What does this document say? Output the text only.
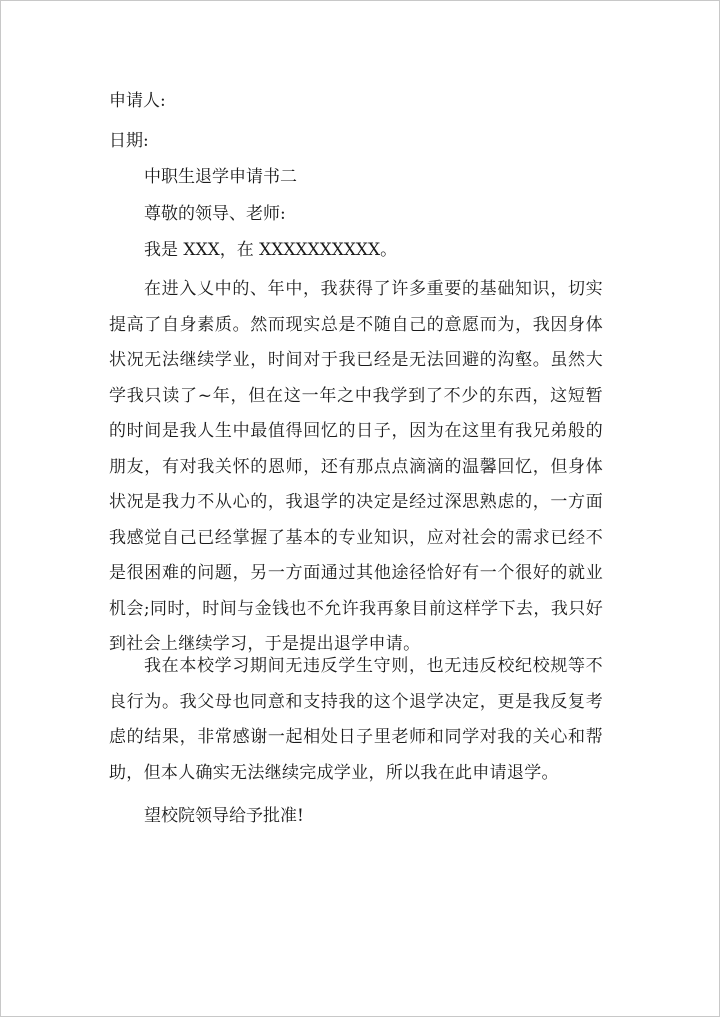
申请人:
日期:
中职生退学申请书二
尊敬的领导、老师:
我是 XXX，在 XXXXXXXXXX。
在进入乂中的、年中，我获得了许多重要的基础知识，切实提高了自身素质。然而现实总是不随自己的意愿而为，我因身体状况无法继续学业，时间对于我已经是无法回避的沟壑。虽然大学我只读了~年，但在这一年之中我学到了不少的东西，这短暂的时间是我人生中最值得回忆的日子，因为在这里有我兄弟般的朋友，有对我关怀的恩师，还有那点点滴滴的温馨回忆，但身体状况是我力不从心的，我退学的决定是经过深思熟虑的，一方面我感觉自己已经掌握了基本的专业知识，应对社会的需求已经不是很困难的问题，另一方面通过其他途径恰好有一个很好的就业机会;同时，时间与金钱也不允许我再象目前这样学下去，我只好到社会上继续学习，于是提出退学申请。
我在本校学习期间无违反学生守则，也无违反校纪校规等不良行为。我父母也同意和支持我的这个退学决定，更是我反复考虑的结果，非常感谢一起相处日子里老师和同学对我的关心和帮助，但本人确实无法继续完成学业，所以我在此申请退学。
望校院领导给予批准!
